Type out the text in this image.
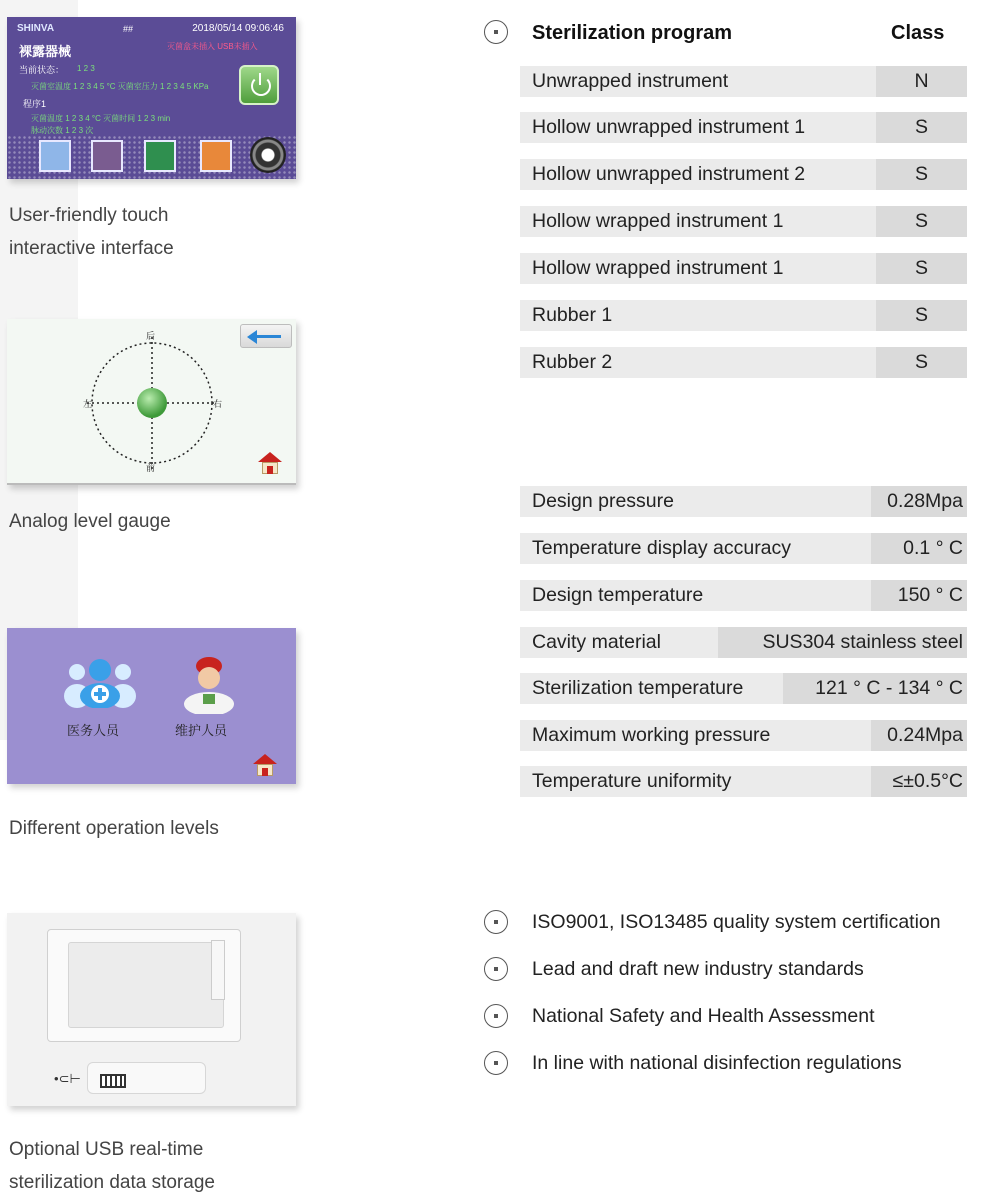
SHINVA	##	2018/05/14 09:06:46
裸露器械	灭菌盒未插入 USB未插入
当前状态： 1 2 3
灭菌室温度 1 2 3 4 5 °C 灭菌室压力 1 2 3 4 5 KPa
程序1
灭菌温度 1 2 3 4 °C 灭菌时间 1 2 3 min
脉动次数 1 2 3 次
User-friendly touch
interactive interface
后
前
左	右
Analog level gauge
医务人员	维护人员
Different operation levels
•⊂⊢
Optional USB real-time
sterilization data storage
Sterilization program	Class
Unwrapped instrument	N
Hollow unwrapped instrument 1	S
Hollow unwrapped instrument 2	S
Hollow wrapped instrument 1	S
Hollow wrapped instrument 1	S
Rubber 1	S
Rubber 2	S
Design pressure	0.28Mpa
Temperature display accuracy	0.1 ° C
Design temperature	150 ° C
Cavity material	SUS304 stainless steel
Sterilization temperature	121 ° C - 134 ° C
Maximum working pressure	0.24Mpa
Temperature uniformity	≤±0.5°C
ISO9001, ISO13485 quality system certification
Lead and draft new industry standards
National Safety and Health Assessment
In line with national disinfection regulations
